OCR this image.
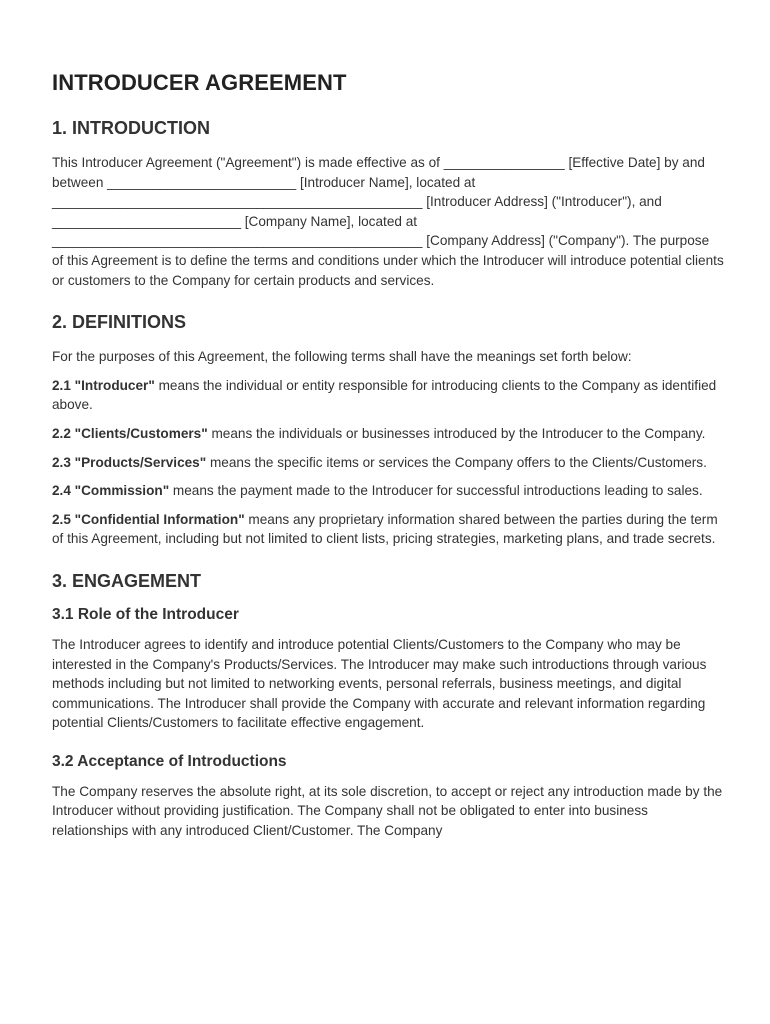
INTRODUCER AGREEMENT
1. INTRODUCTION

This Introducer Agreement ("Agreement") is made effective as of ________________ [Effective Date] by and between _________________________ [Introducer Name], located at _________________________________________________ [Introducer Address] ("Introducer"), and _________________________ [Company Name], located at _________________________________________________ [Company Address] ("Company"). The purpose of this Agreement is to define the terms and conditions under which the Introducer will introduce potential clients or customers to the Company for certain products and services.

2. DEFINITIONS

For the purposes of this Agreement, the following terms shall have the meanings set forth below:

2.1 "Introducer" means the individual or entity responsible for introducing clients to the Company as identified above.

2.2 "Clients/Customers" means the individuals or businesses introduced by the Introducer to the Company.

2.3 "Products/Services" means the specific items or services the Company offers to the Clients/Customers.

2.4 "Commission" means the payment made to the Introducer for successful introductions leading to sales.

2.5 "Confidential Information" means any proprietary information shared between the parties during the term of this Agreement, including but not limited to client lists, pricing strategies, marketing plans, and trade secrets.

3. ENGAGEMENT
3.1 Role of the Introducer

The Introducer agrees to identify and introduce potential Clients/Customers to the Company who may be interested in the Company's Products/Services. The Introducer may make such introductions through various methods including but not limited to networking events, personal referrals, business meetings, and digital communications. The Introducer shall provide the Company with accurate and relevant information regarding potential Clients/Customers to facilitate effective engagement.

3.2 Acceptance of Introductions

The Company reserves the absolute right, at its sole discretion, to accept or reject any introduction made by the Introducer without providing justification. The Company shall not be obligated to enter into business relationships with any introduced Client/Customer. The Company
